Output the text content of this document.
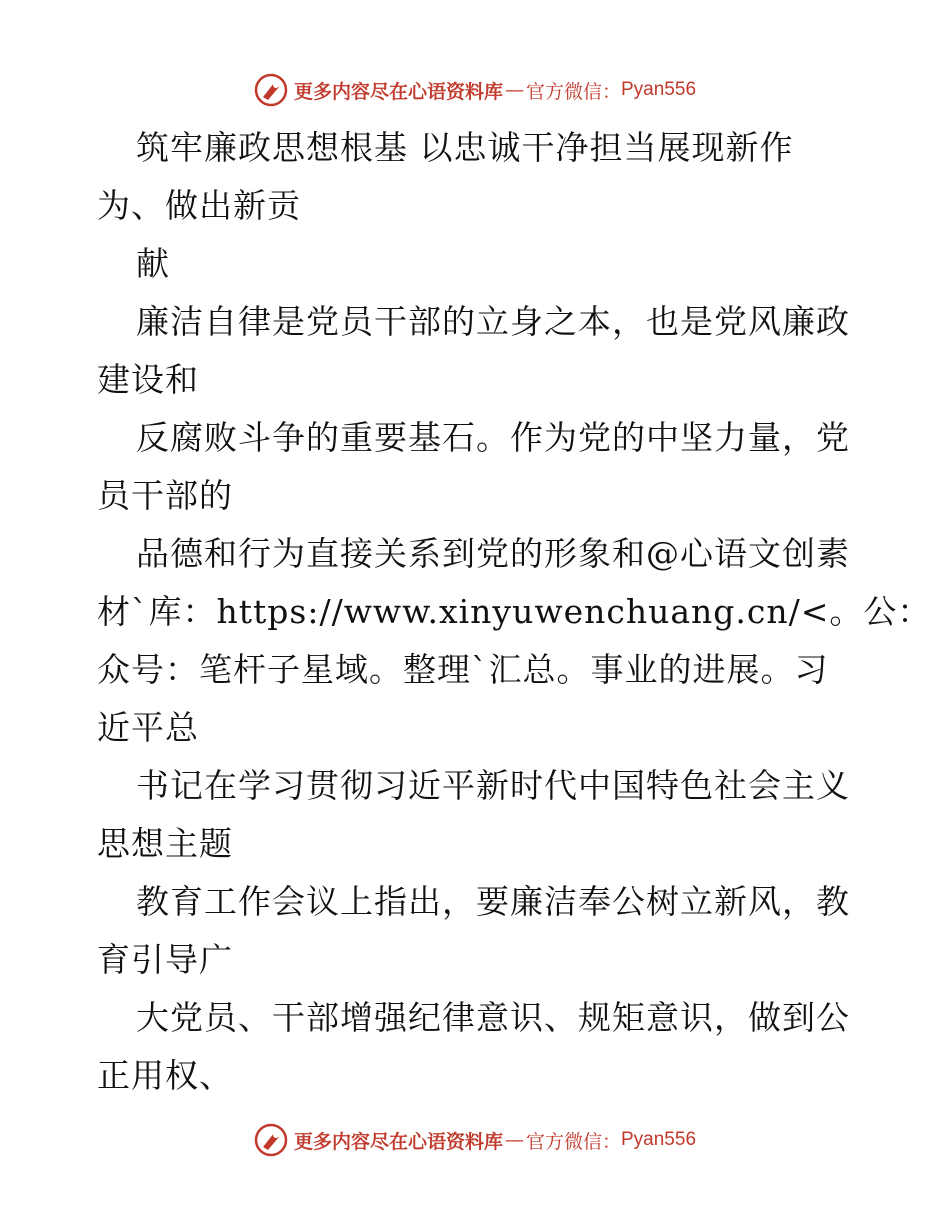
更多内容尽在心语资料库 — 官方微信： Pyan556
筑牢廉政思想根基 以忠诚干净担当展现新作
为、做出新贡
献
廉洁自律是党员干部的立身之本，也是党风廉政
建设和
反腐败斗争的重要基石。作为党的中坚力量，党
员干部的
品德和行为直接关系到党的形象和@心语文创素
材`库：https://www.xinyuwenchuang.cn/<。公：
众号：笔杆子星域。整理`汇总。事业的进展。习
近平总
书记在学习贯彻习近平新时代中国特色社会主义
思想主题
教育工作会议上指出，要廉洁奉公树立新风，教
育引导广
大党员、干部增强纪律意识、规矩意识，做到公
正用权、
更多内容尽在心语资料库 — 官方微信： Pyan556
